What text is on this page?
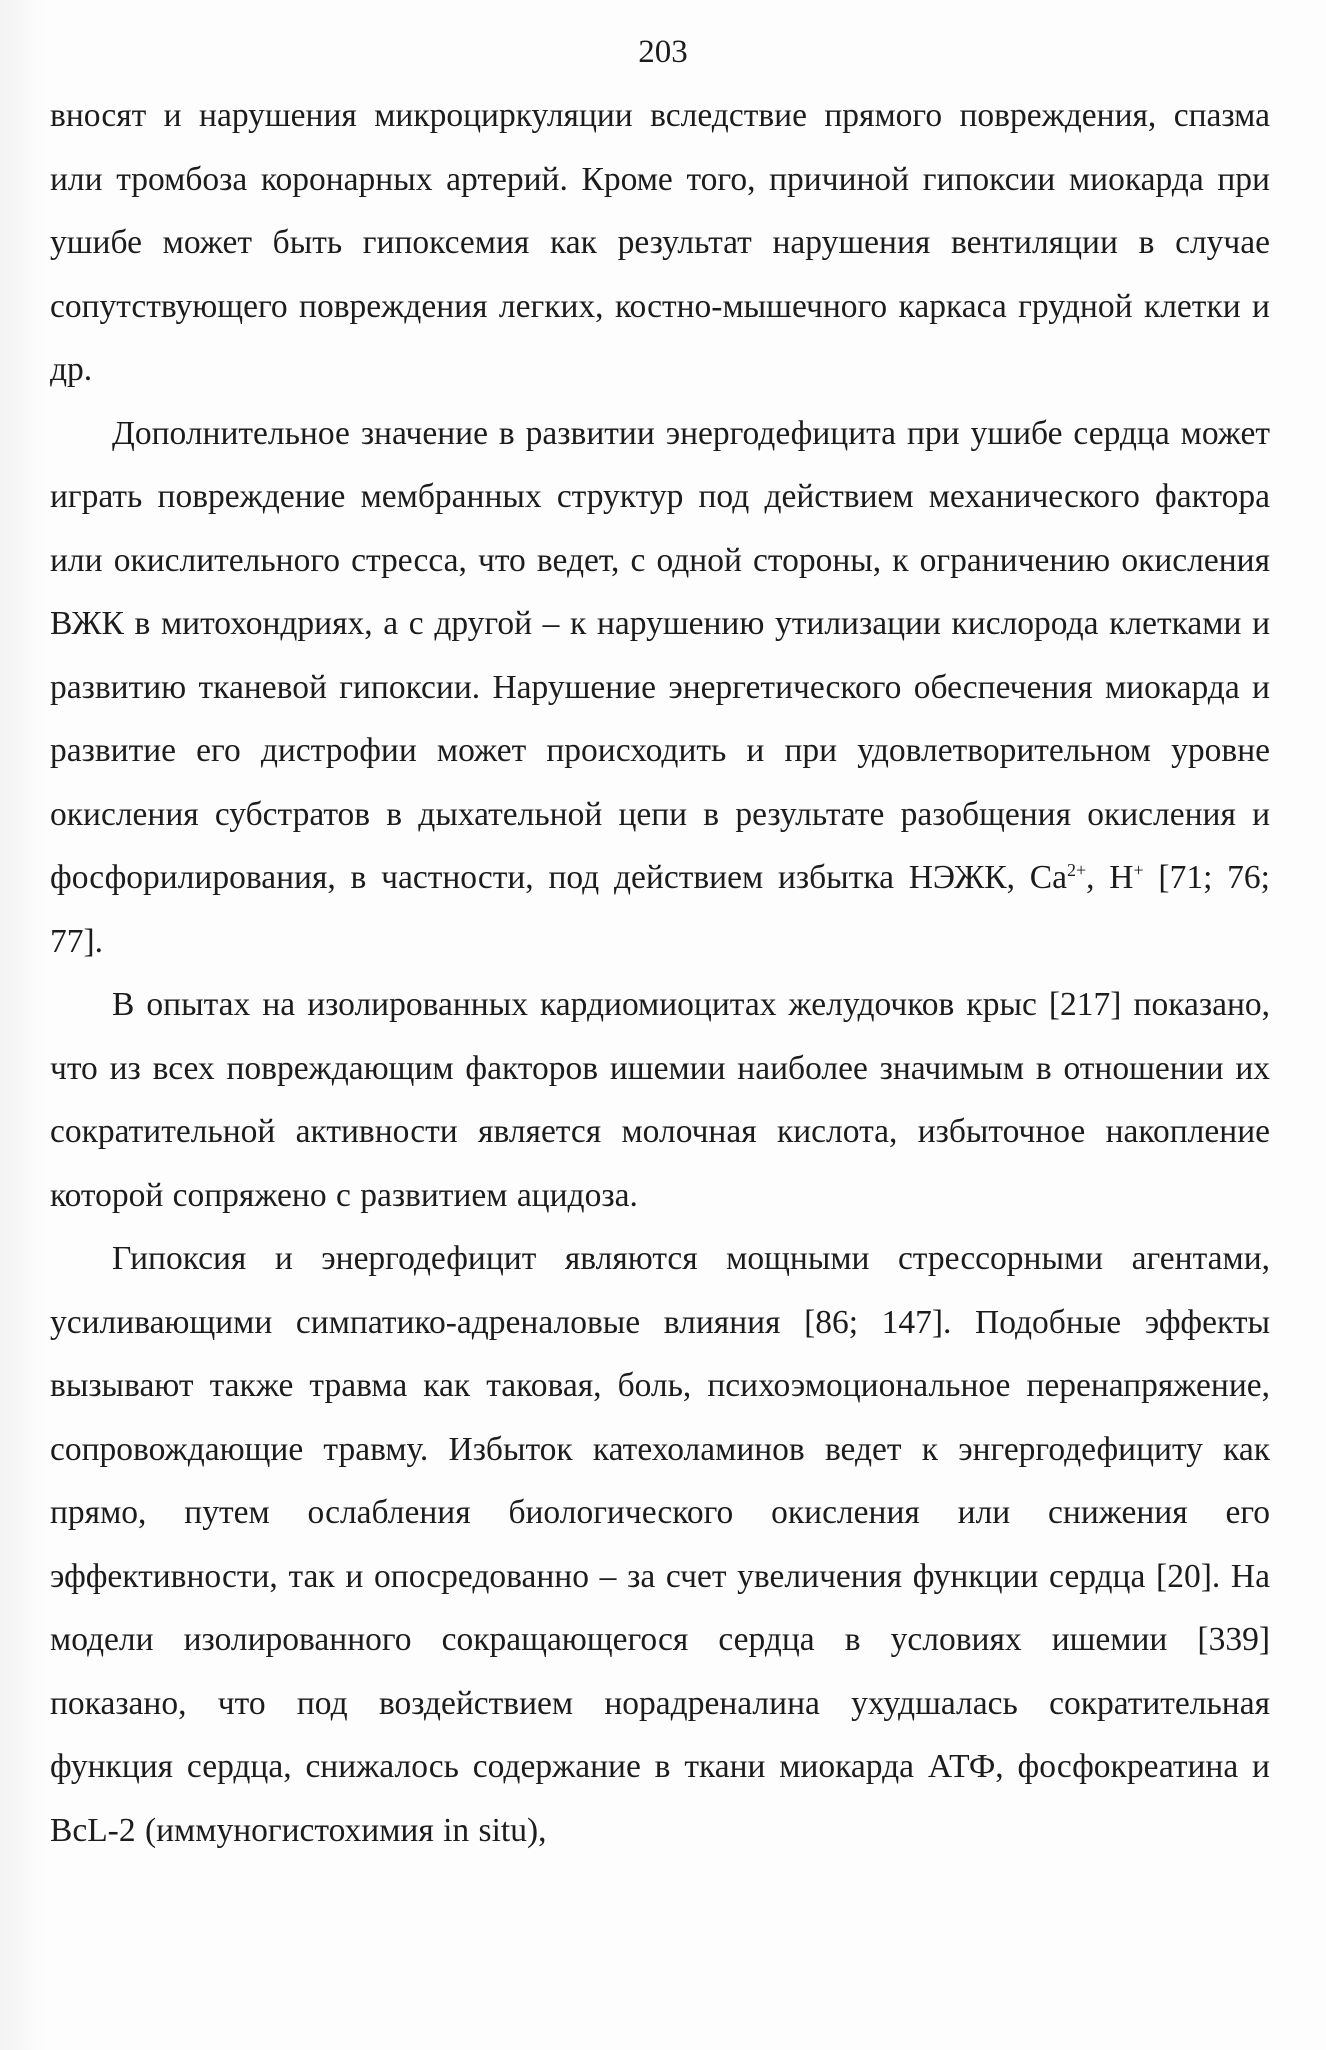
203

вносят и нарушения микроциркуляции вследствие прямого повреждения, спазма или тромбоза коронарных артерий. Кроме того, причиной гипоксии миокарда при ушибе может быть гипоксемия как результат нарушения вентиляции в случае сопутствующего повреждения легких, костно-мышечного каркаса грудной клетки и др.

Дополнительное значение в развитии энергодефицита при ушибе сердца может играть повреждение мембранных структур под действием механического фактора или окислительного стресса, что ведет, с одной стороны, к ограничению окисления ВЖК в митохондриях, а с другой – к нарушению утилизации кислорода клетками и развитию тканевой гипоксии. Нарушение энергетического обеспечения миокарда и развитие его дистрофии может происходить и при удовлетворительном уровне окисления субстратов в дыхательной цепи в результате разобщения окисления и фосфорилирования, в частности, под действием избытка НЭЖК, $Ca^{2+}$, H+ [71; 76; 77].

В опытах на изолированных кардиомиоцитах желудочков крыс [217] показано, что из всех повреждающим факторов ишемии наиболее значимым в отношении их сократительной активности является молочная кислота, избыточное накопление которой сопряжено с развитием ацидоза.

Гипоксия и энергодефицит являются мощными стрессорными агентами, усиливающими симпатико-адреналовые влияния [86; 147]. Подобные эффекты вызывают также травма как таковая, боль, психоэмоциональное перенапряжение, сопровождающие травму. Избыток катехоламинов ведет к энгергодефициту как прямо, путем ослабления биологического окисления или снижения его эффективности, так и опосредованно – за счет увеличения функции сердца [20]. На модели изолированного сокращающегося сердца в условиях ишемии [339] показано, что под воздействием норадреналина ухудшалась сократительная функция сердца, снижалось содержание в ткани миокарда АТФ, фосфокреатина и BcL-2 (иммуногистохимия in situ),
